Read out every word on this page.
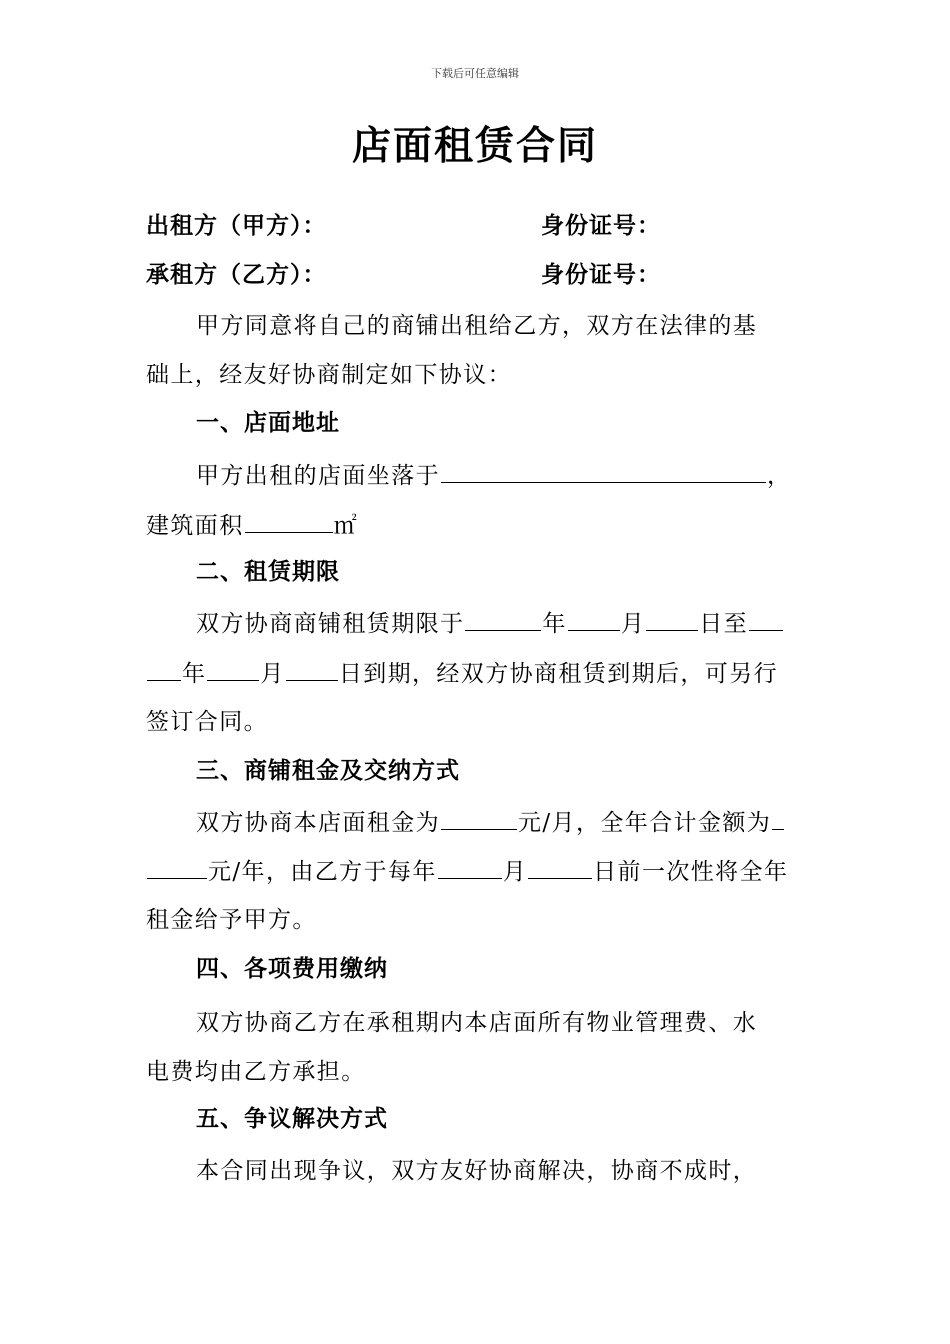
下载后可任意编辑
店面租赁合同
出租方（甲方）：	身份证号：
承租方（乙方）：	身份证号：
甲方同意将自己的商铺出租给乙方，双方在法律的基
础上，经友好协商制定如下协议：
一、店面地址
甲方出租的店面坐落于	，
建筑面积	㎡
二、租赁期限
双方协商商铺租赁期限于	年 月 日至
年 月 日到期，经双方协商租赁到期后，可另行
签订合同。
三、商铺租金及交纳方式
双方协商本店面租金为	元/月，全年合计金额为
元/年，由乙方于每年	月	日前一次性将全年
租金给予甲方。
四、各项费用缴纳
双方协商乙方在承租期内本店面所有物业管理费、水
电费均由乙方承担。
五、争议解决方式
本合同出现争议，双方友好协商解决，协商不成时，
